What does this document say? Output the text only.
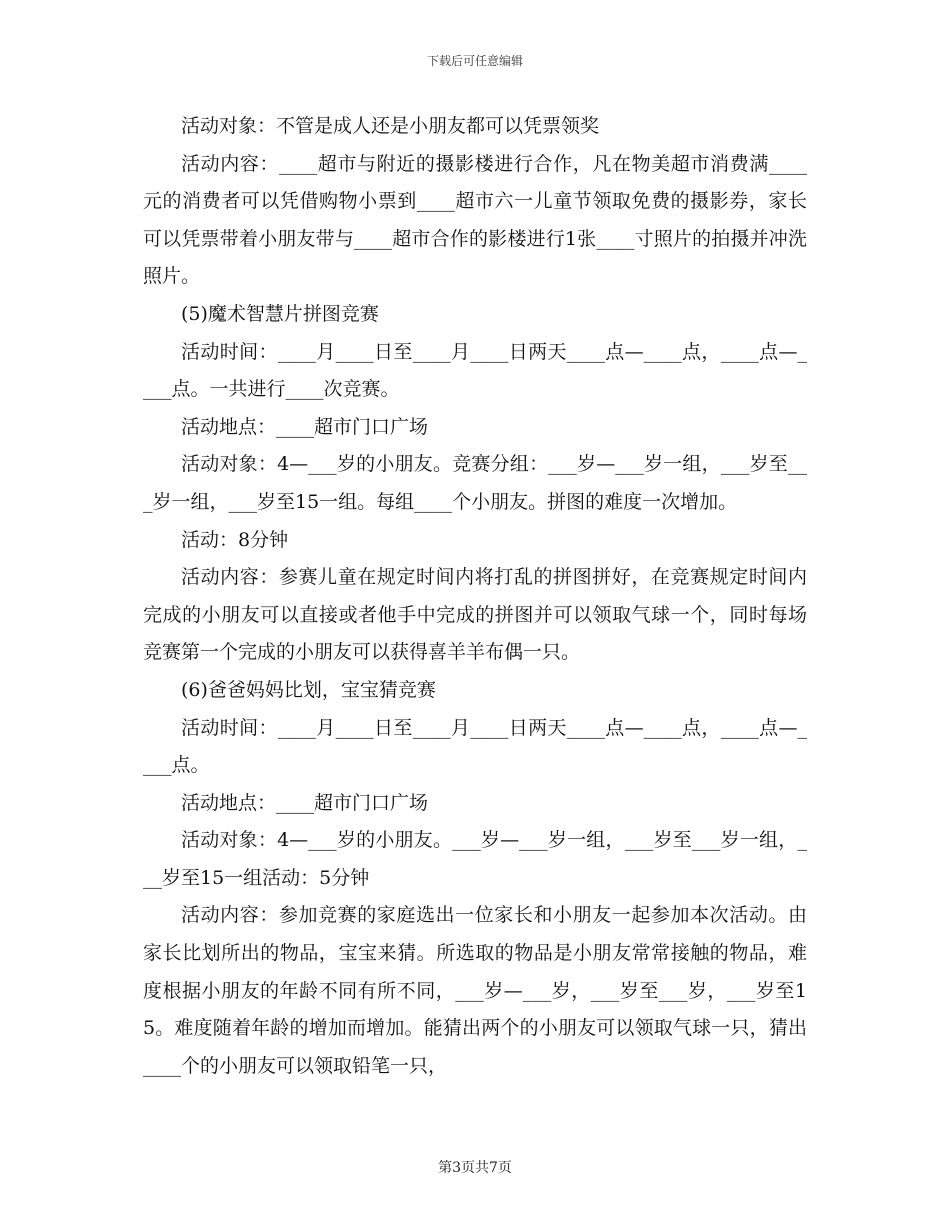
下载后可任意编辑

活动对象：不管是成人还是小朋友都可以凭票领奖

活动内容：____超市与附近的摄影楼进行合作，凡在物美超市消费满____元的消费者可以凭借购物小票到____超市六一儿童节领取免费的摄影券，家长可以凭票带着小朋友带与____超市合作的影楼进行1张____寸照片的拍摄并冲洗照片。

(5)魔术智慧片拼图竞赛

活动时间：____月____日至____月____日两天____点—____点，____点—____点。一共进行____次竞赛。

活动地点：____超市门口广场

活动对象：4—___岁的小朋友。竞赛分组：___岁—___岁一组，___岁至___岁一组，___岁至15一组。每组____个小朋友。拼图的难度一次增加。

活动：8分钟

活动内容：参赛儿童在规定时间内将打乱的拼图拼好，在竞赛规定时间内完成的小朋友可以直接或者他手中完成的拼图并可以领取气球一个，同时每场竞赛第一个完成的小朋友可以获得喜羊羊布偶一只。

(6)爸爸妈妈比划，宝宝猜竞赛

活动时间：____月____日至____月____日两天____点—____点，____点—____点。

活动地点：____超市门口广场

活动对象：4—___岁的小朋友。___岁—___岁一组，___岁至___岁一组，___岁至15一组活动：5分钟

活动内容：参加竞赛的家庭选出一位家长和小朋友一起参加本次活动。由家长比划所出的物品，宝宝来猜。所选取的物品是小朋友常常接触的物品，难度根据小朋友的年龄不同有所不同，___岁—___岁，___岁至___岁，___岁至15。难度随着年龄的增加而增加。能猜出两个的小朋友可以领取气球一只，猜出____个的小朋友可以领取铅笔一只，

第3页共7页
